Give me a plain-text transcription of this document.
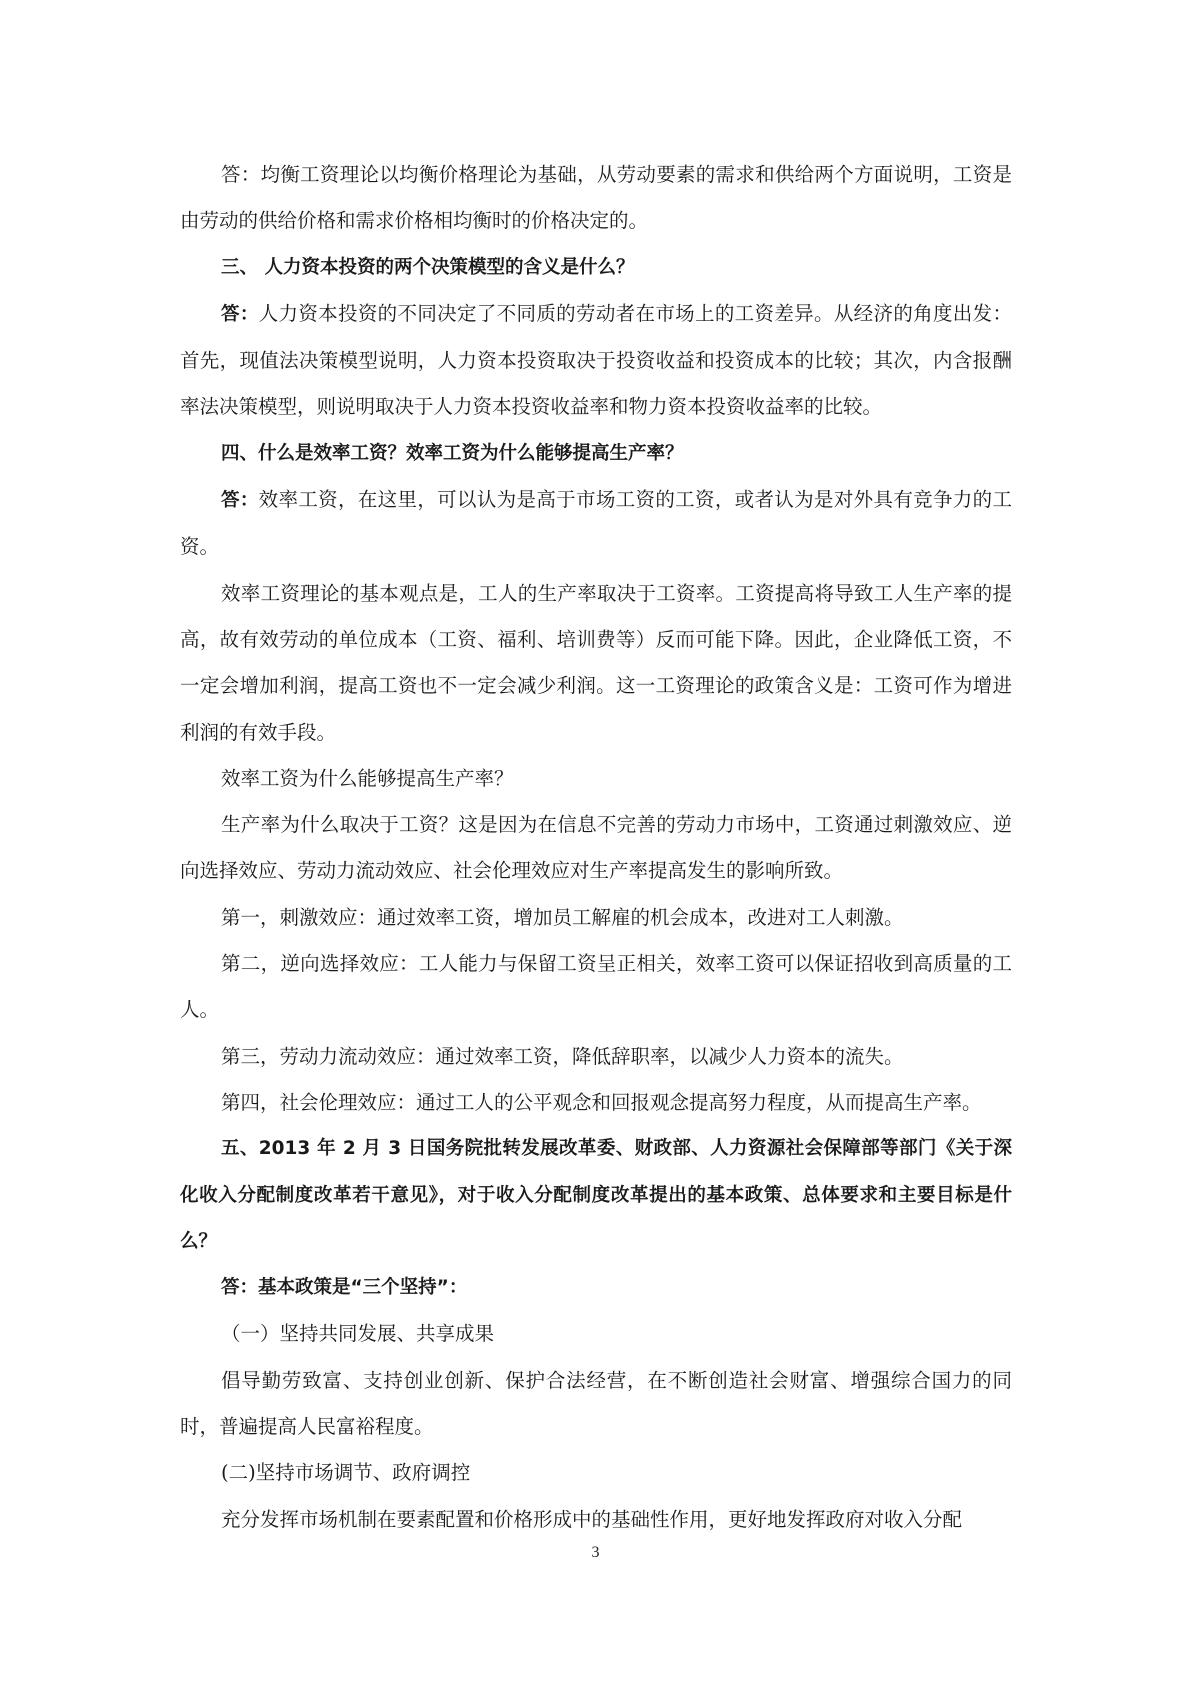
答：均衡工资理论以均衡价格理论为基础，从劳动要素的需求和供给两个方面说明，工资是由劳动的供给价格和需求价格相均衡时的价格决定的。

三、 人力资本投资的两个决策模型的含义是什么？

答：人力资本投资的不同决定了不同质的劳动者在市场上的工资差异。从经济的角度出发：首先，现值法决策模型说明，人力资本投资取决于投资收益和投资成本的比较；其次，内含报酬率法决策模型，则说明取决于人力资本投资收益率和物力资本投资收益率的比较。

四、什么是效率工资？效率工资为什么能够提高生产率？

答：效率工资，在这里，可以认为是高于市场工资的工资，或者认为是对外具有竞争力的工资。

效率工资理论的基本观点是，工人的生产率取决于工资率。工资提高将导致工人生产率的提高，故有效劳动的单位成本（工资、福利、培训费等）反而可能下降。因此，企业降低工资，不一定会增加利润，提高工资也不一定会减少利润。这一工资理论的政策含义是：工资可作为增进利润的有效手段。

效率工资为什么能够提高生产率？

生产率为什么取决于工资？这是因为在信息不完善的劳动力市场中，工资通过刺激效应、逆向选择效应、劳动力流动效应、社会伦理效应对生产率提高发生的影响所致。

第一，刺激效应：通过效率工资，增加员工解雇的机会成本，改进对工人刺激。

第二，逆向选择效应：工人能力与保留工资呈正相关，效率工资可以保证招收到高质量的工人。

第三，劳动力流动效应：通过效率工资，降低辞职率，以减少人力资本的流失。

第四，社会伦理效应：通过工人的公平观念和回报观念提高努力程度，从而提高生产率。

五、2013 年 2 月 3 日国务院批转发展改革委、财政部、人力资源社会保障部等部门《关于深化收入分配制度改革若干意见》，对于收入分配制度改革提出的基本政策、总体要求和主要目标是什么？

答：基本政策是“三个坚持”：

（一）坚持共同发展、共享成果

倡导勤劳致富、支持创业创新、保护合法经营，在不断创造社会财富、增强综合国力的同时，普遍提高人民富裕程度。

(二)坚持市场调节、政府调控

充分发挥市场机制在要素配置和价格形成中的基础性作用，更好地发挥政府对收入分配

3
